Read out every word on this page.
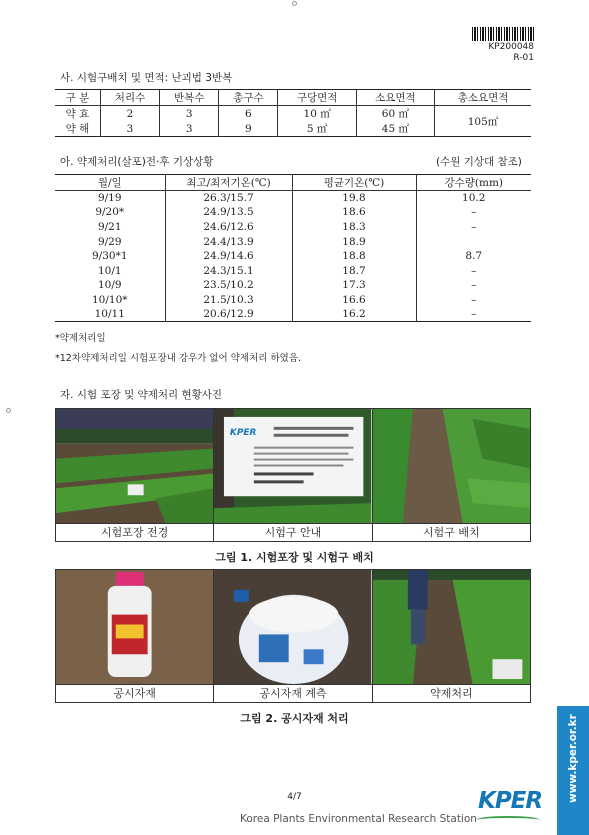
KP200048
R-01
사. 시험구배치 및 면적: 난괴법 3반복
구 분	처리수	반복수	총구수	구당면적	소요면적	총소요면적
약 효	2	3	6	10 ㎡	60 ㎡	105㎡
약 해	3	3	9	5 ㎡	45 ㎡	
아. 약제처리(살포)전·후 기상상황	(수원 기상대 참조)
월/일	최고/최저기온(℃)	평균기온(℃)	강수량(mm)
9/19	26.3/15.7	19.8	10.2
9/20*	24.9/13.5	18.6	–
9/21	24.6/12.6	18.3	–
9/29	24.4/13.9	18.9	
9/30*1	24.9/14.6	18.8	8.7
10/1	24.3/15.1	18.7	–
10/9	23.5/10.2	17.3	–
10/10*	21.5/10.3	16.6	–
10/11	20.6/12.9	16.2	–
*약제처리일
*12차약제처리일 시험포장내 강우가 없어 약제처리 하였음.
자. 시험 포장 및 약제처리 현황사진
KPER
시험포장 전경	시험구 안내	시험구 배치
그림 1. 시험포장 및 시험구 배치
공시자재	공시자재 계측	약제처리
그림 2. 공시자재 처리
4/7
Korea Plants Environmental Research Station
KPER	www.kper.or.kr
